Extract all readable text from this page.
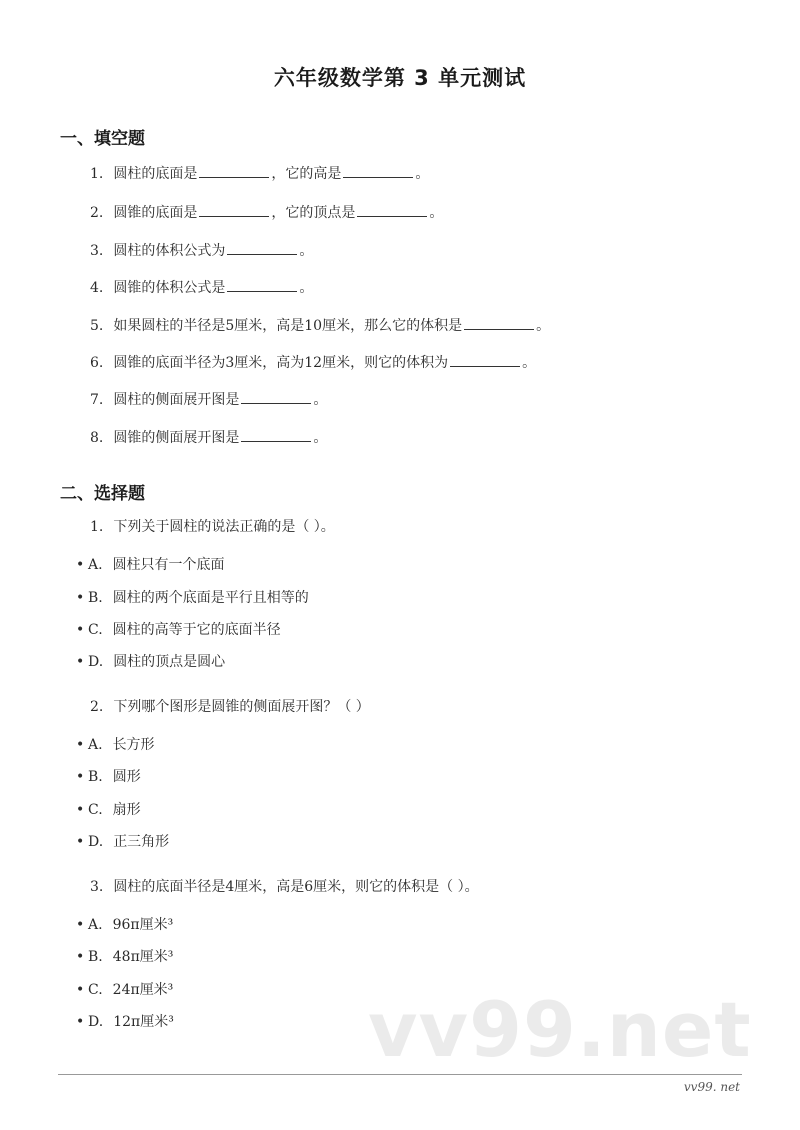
六年级数学第 3 单元测试
一、填空题
1. 圆柱的底面是	，它的高是	。
2. 圆锥的底面是	，它的顶点是	。
3. 圆柱的体积公式为	。
4. 圆锥的体积公式是	。
5. 如果圆柱的半径是5厘米，高是10厘米，那么它的体积是	。
6. 圆锥的底面半径为3厘米，高为12厘米，则它的体积为	。
7. 圆柱的侧面展开图是	。
8. 圆锥的侧面展开图是	。
二、选择题
1. 下列关于圆柱的说法正确的是（ ）。
• A. 圆柱只有一个底面
• B. 圆柱的两个底面是平行且相等的
• C. 圆柱的高等于它的底面半径
• D. 圆柱的顶点是圆心
2. 下列哪个图形是圆锥的侧面展开图？（ ）
• A. 长方形
• B. 圆形
• C. 扇形
• D. 正三角形
3. 圆柱的底面半径是4厘米，高是6厘米，则它的体积是（ ）。
• A. 96π厘米³
• B. 48π厘米³
• C. 24π厘米³
• D. 12π厘米³	vv99.net
vv99. net
